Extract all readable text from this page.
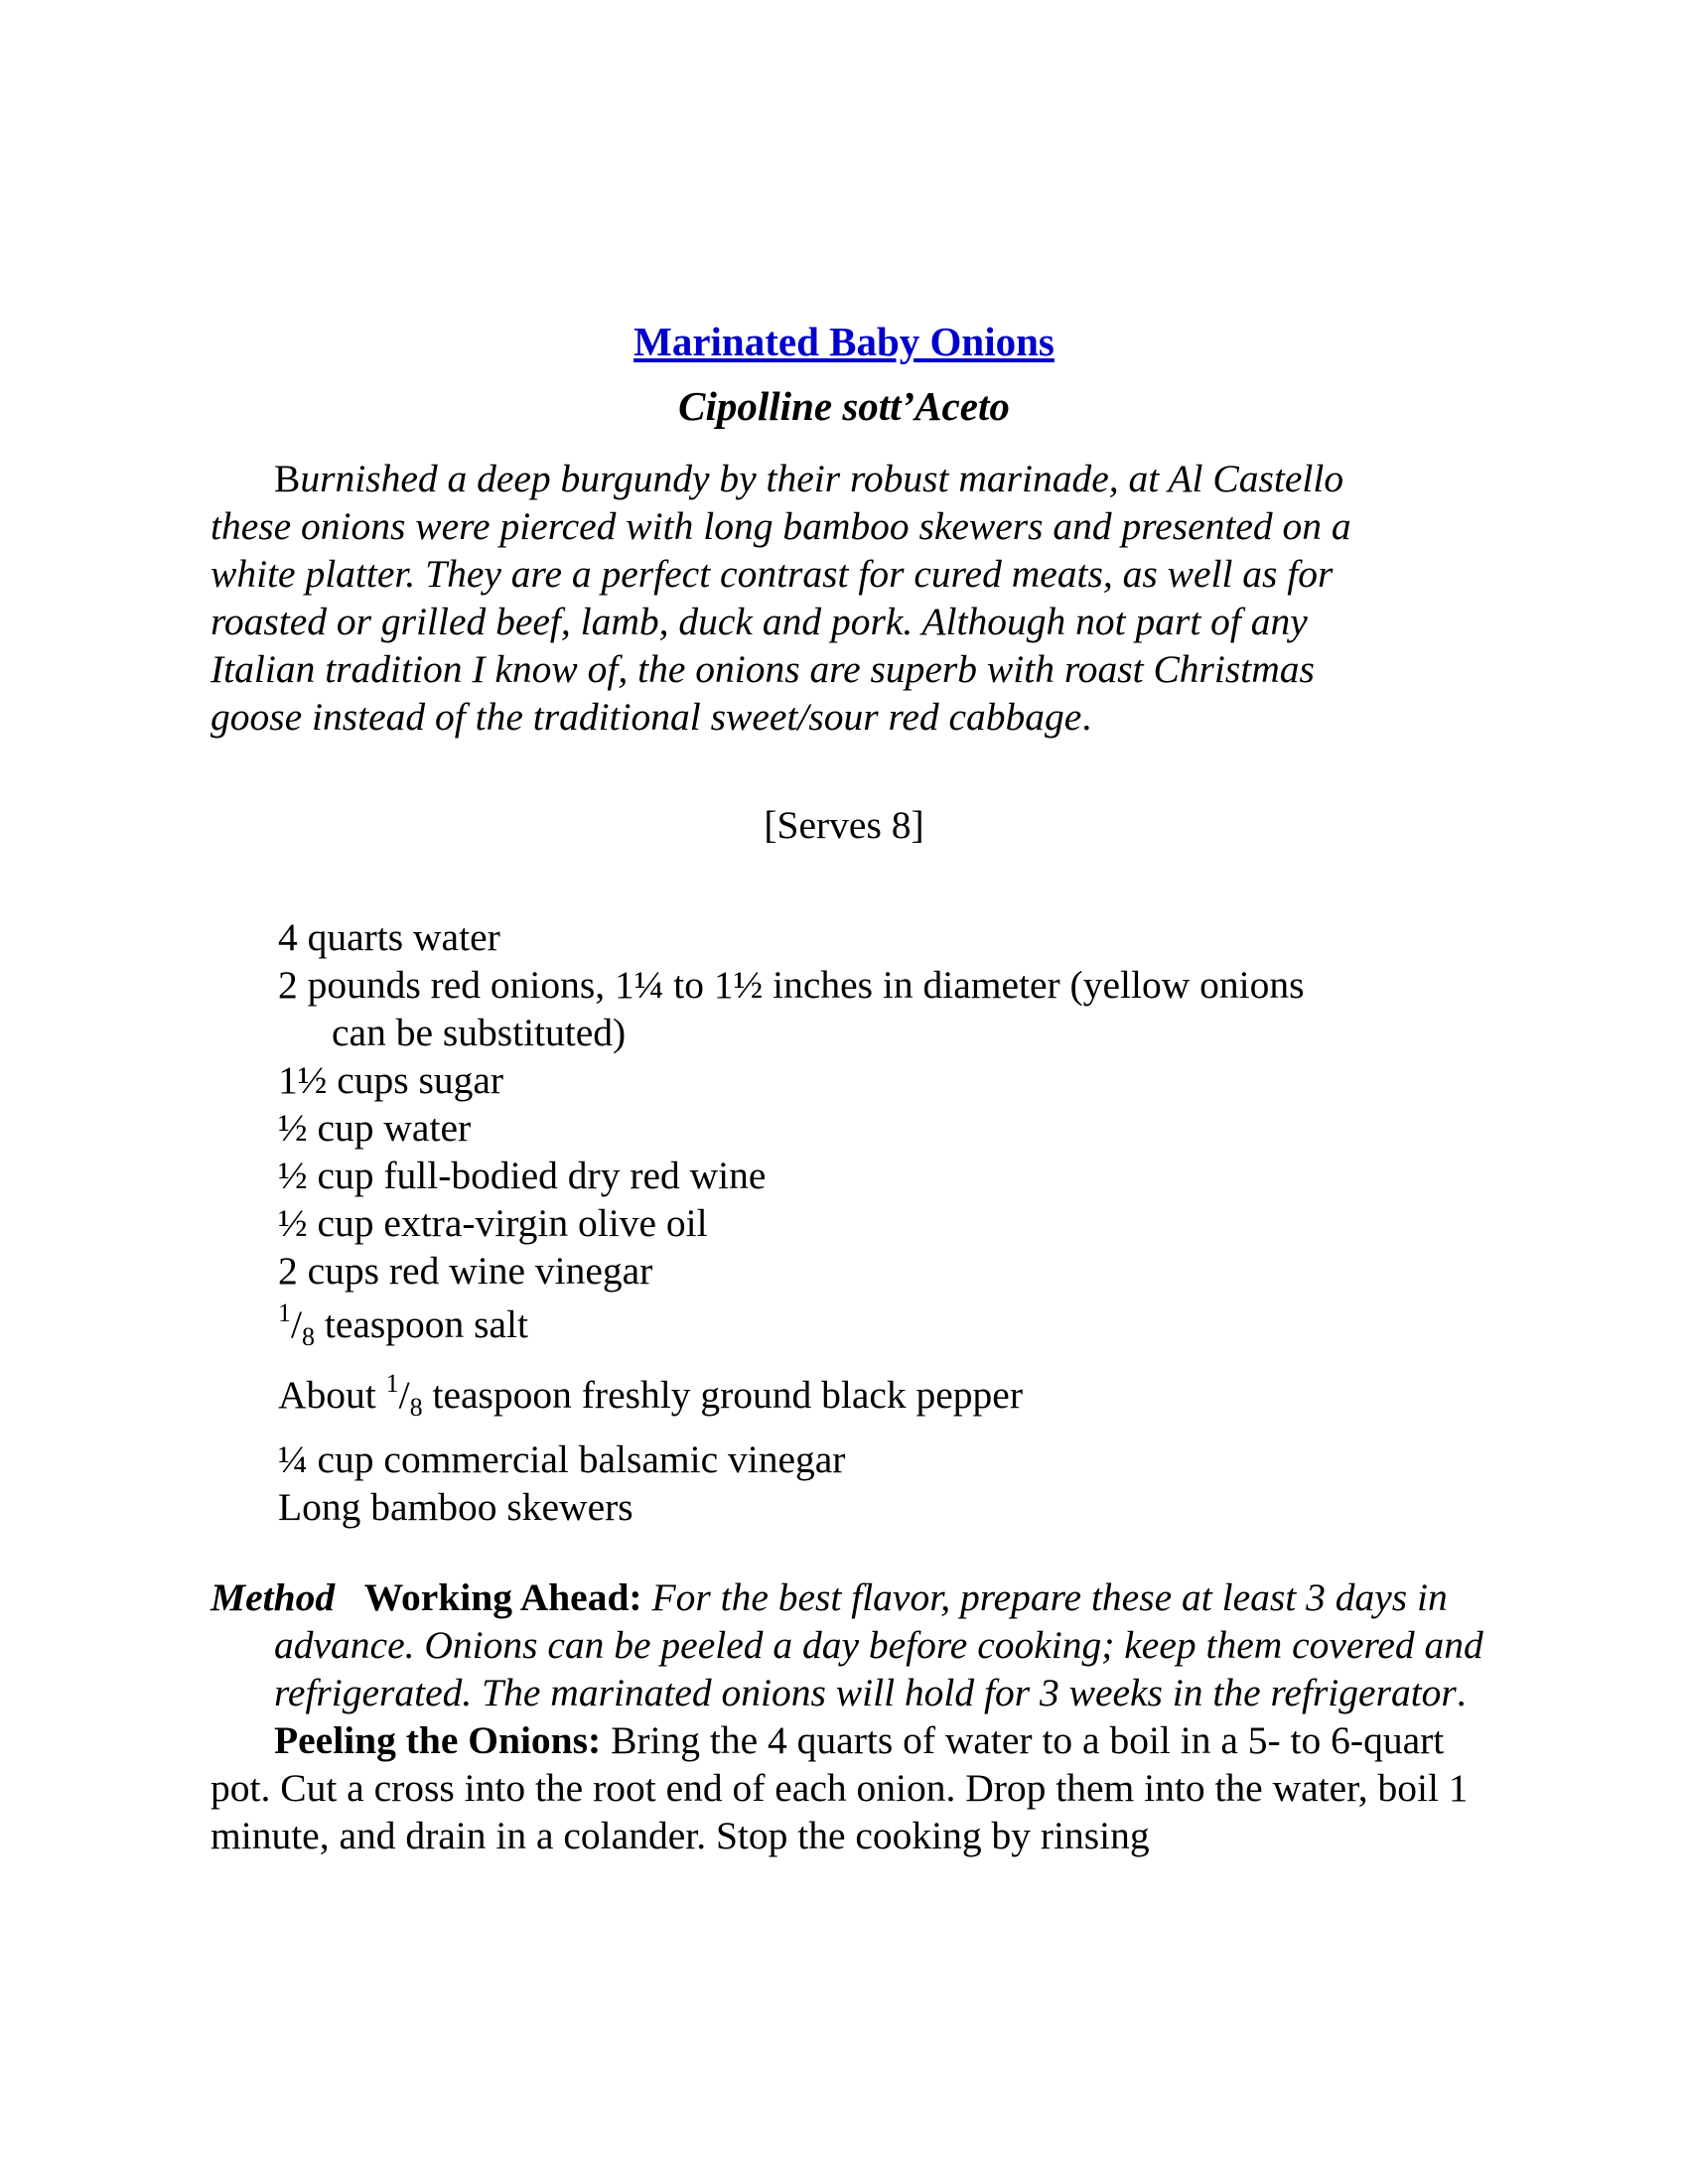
Marinated Baby Onions
Cipolline sott’Aceto
Burnished a deep burgundy by their robust marinade, at Al Castello
these onions were pierced with long bamboo skewers and presented on a
white platter. They are a perfect contrast for cured meats, as well as for
roasted or grilled beef, lamb, duck and pork. Although not part of any
Italian tradition I know of, the onions are superb with roast Christmas
goose instead of the traditional sweet/sour red cabbage.
[Serves 8]
4 quarts water
2 pounds red onions, 1¼ to 1½ inches in diameter (yellow onions
can be substituted)
1½ cups sugar
½ cup water
½ cup full-bodied dry red wine
½ cup extra-virgin olive oil
2 cups red wine vinegar
1/8 teaspoon salt
About 1/8 teaspoon freshly ground black pepper
¼ cup commercial balsamic vinegar
Long bamboo skewers

Method Working Ahead: For the best flavor, prepare these at least 3 days in advance. Onions can be peeled a day before cooking; keep them covered and refrigerated. The marinated onions will hold for 3 weeks in the refrigerator.

Peeling the Onions: Bring the 4 quarts of water to a boil in a 5- to 6-quart pot. Cut a cross into the root end of each onion. Drop them into the water, boil 1 minute, and drain in a colander. Stop the cooking by rinsing
